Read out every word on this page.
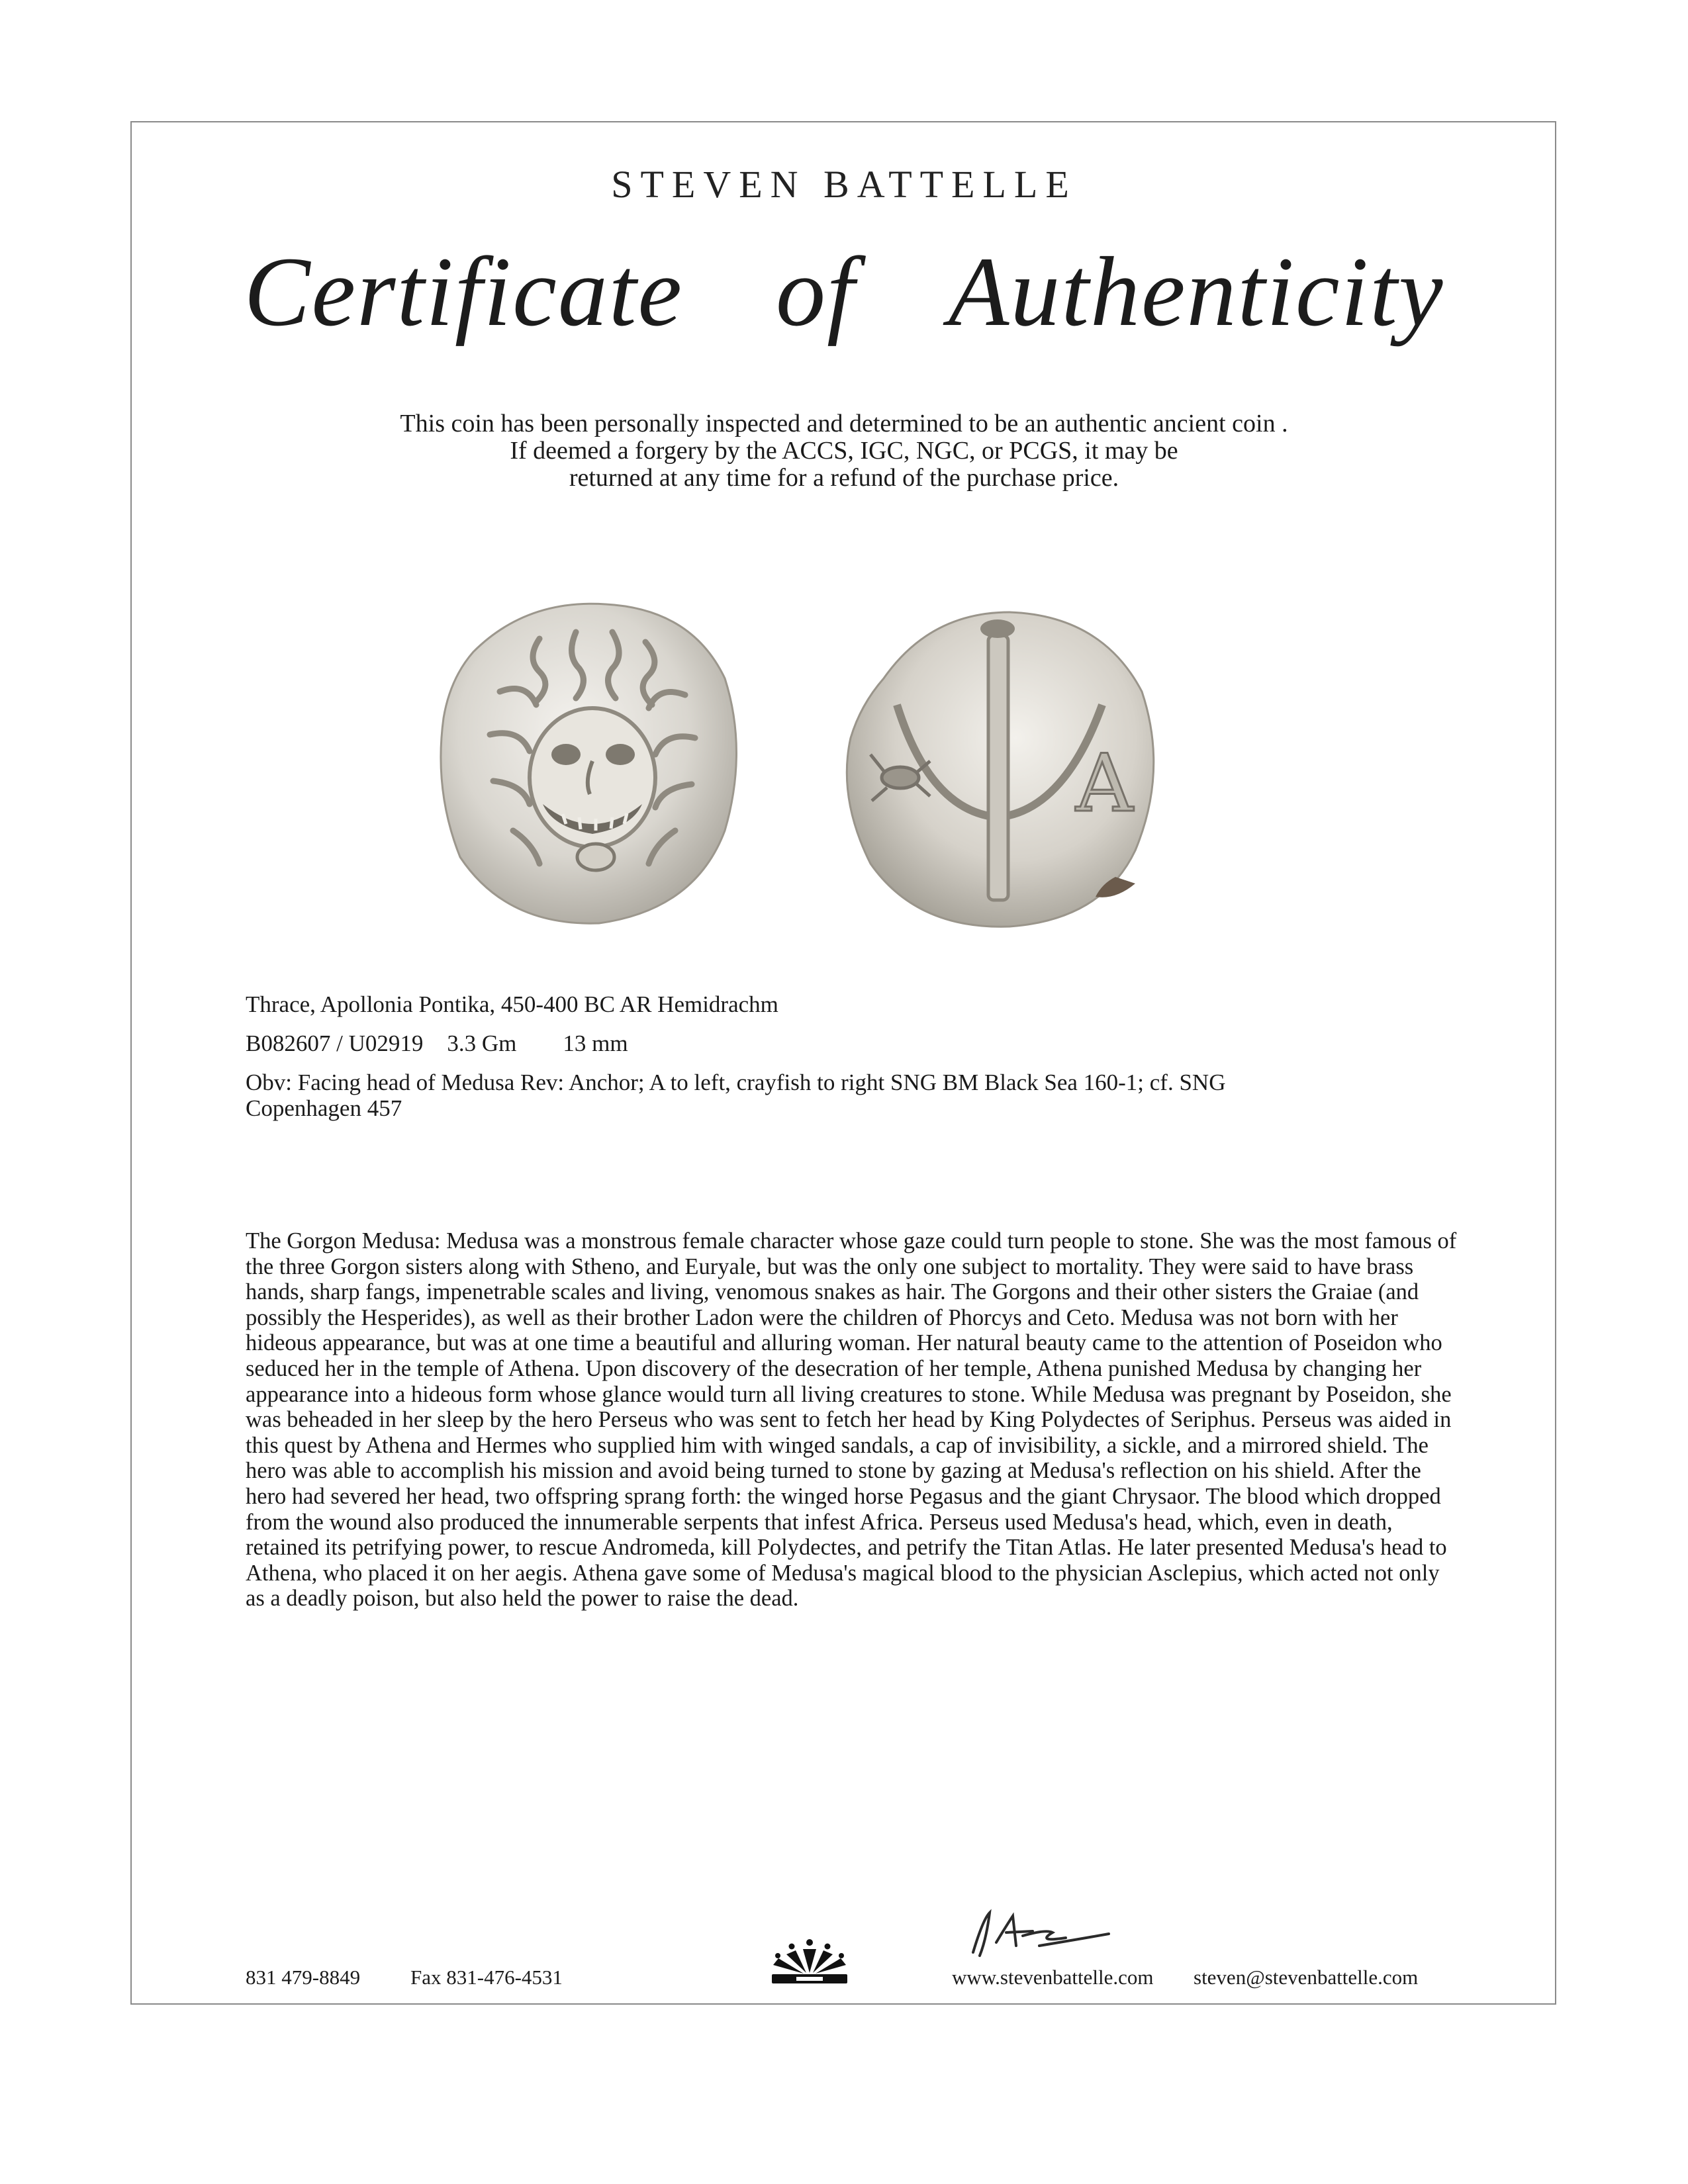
STEVEN BATTELLE
Certificate of Authenticity
This coin has been personally inspected and determined to be an authentic ancient coin .
If deemed a forgery by the ACCS, IGC, NGC, or PCGS, it may be
returned at any time for a refund of the purchase price.
A
Thrace, Apollonia Pontika, 450-400 BC AR Hemidrachm
B082607 / U02919 3.3 Gm 13 mm
Obv: Facing head of Medusa Rev: Anchor; A to left, crayfish to right SNG BM Black Sea 160-1; cf. SNG
Copenhagen 457

The Gorgon Medusa: Medusa was a monstrous female character whose gaze could turn people to stone. She was the most famous of the three Gorgon sisters along with Stheno, and Euryale, but was the only one subject to mortality. They were said to have brass hands, sharp fangs, impenetrable scales and living, venomous snakes as hair. The Gorgons and their other sisters the Graiae (and possibly the Hesperides), as well as their brother Ladon were the children of Phorcys and Ceto. Medusa was not born with her hideous appearance, but was at one time a beautiful and alluring woman. Her natural beauty came to the attention of Poseidon who seduced her in the temple of Athena. Upon discovery of the desecration of her temple, Athena punished Medusa by changing her appearance into a hideous form whose glance would turn all living creatures to stone. While Medusa was pregnant by Poseidon, she was beheaded in her sleep by the hero Perseus who was sent to fetch her head by King Polydectes of Seriphus. Perseus was aided in this quest by Athena and Hermes who supplied him with winged sandals, a cap of invisibility, a sickle, and a mirrored shield. The hero was able to accomplish his mission and avoid being turned to stone by gazing at Medusa's reflection on his shield. After the hero had severed her head, two offspring sprang forth: the winged horse Pegasus and the giant Chrysaor. The blood which dropped from the wound also produced the innumerable serpents that infest Africa. Perseus used Medusa's head, which, even in death, retained its petrifying power, to rescue Andromeda, kill Polydectes, and petrify the Titan Atlas. He later presented Medusa's head to Athena, who placed it on her aegis. Athena gave some of Medusa's magical blood to the physician Asclepius, which acted not only as a deadly poison, but also held the power to raise the dead.

831 479-8849 Fax 831-476-4531	www.stevenbattelle.com steven@stevenbattelle.com
